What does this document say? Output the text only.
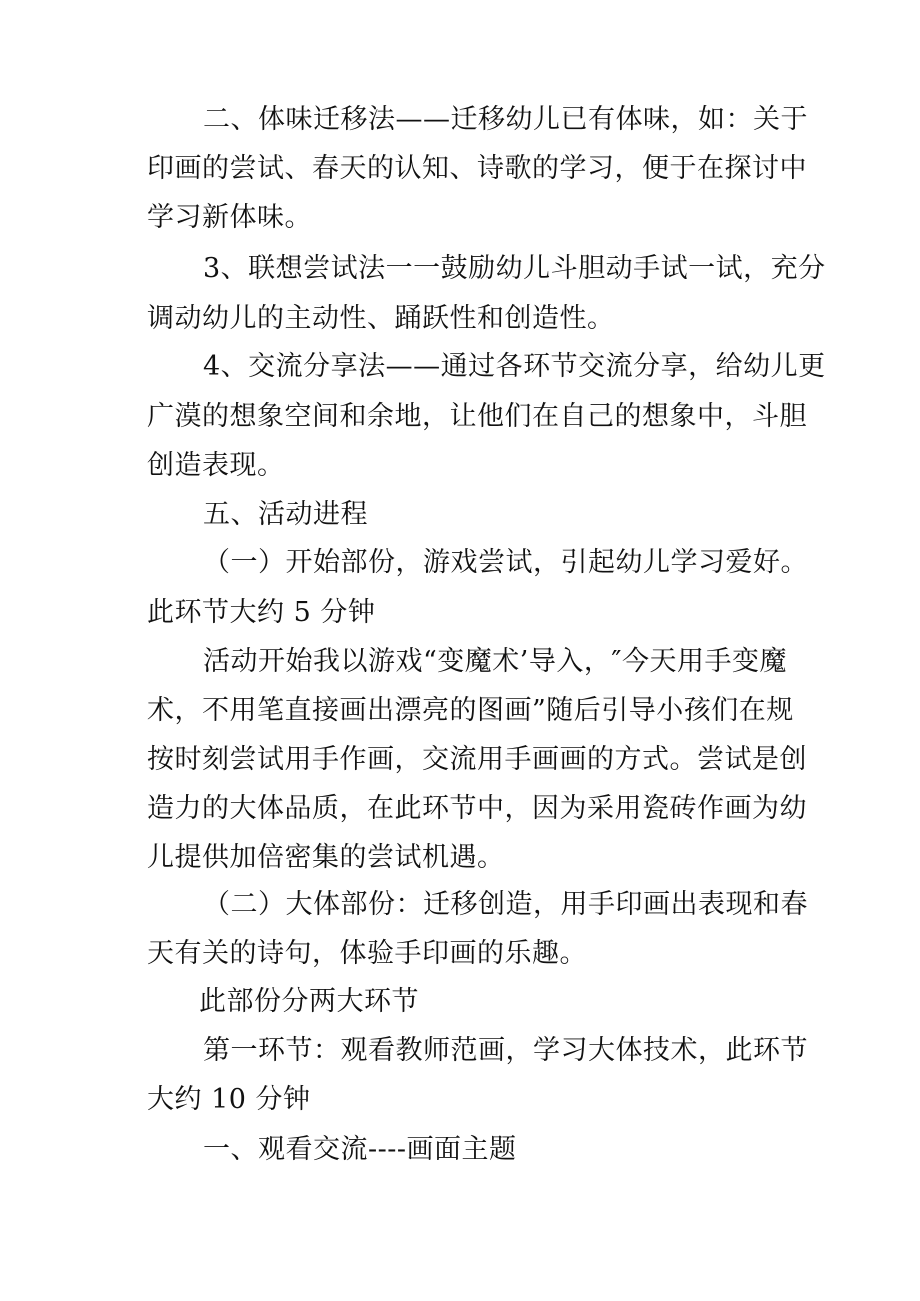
二、体味迁移法——迁移幼儿已有体味，如：关于
印画的尝试、春天的认知、诗歌的学习，便于在探讨中
学习新体味。
3、联想尝试法一一鼓励幼儿斗胆动手试一试，充分
调动幼儿的主动性、踊跃性和创造性。
4、交流分享法——通过各环节交流分享，给幼儿更
广漠的想象空间和余地，让他们在自己的想象中，斗胆
创造表现。
五、活动进程
（一）开始部份，游戏尝试，引起幼儿学习爱好。
此环节大约 5 分钟
活动开始我以游戏“变魔术’导入，″今天用手变魔
术，不用笔直接画出漂亮的图画”随后引导小孩们在规
按时刻尝试用手作画，交流用手画画的方式。尝试是创
造力的大体品质，在此环节中，因为采用瓷砖作画为幼
儿提供加倍密集的尝试机遇。
（二）大体部份：迁移创造，用手印画出表现和春
天有关的诗句，体验手印画的乐趣。
此部份分两大环节
第一环节：观看教师范画，学习大体技术，此环节
大约 10 分钟
一、观看交流----画面主题
